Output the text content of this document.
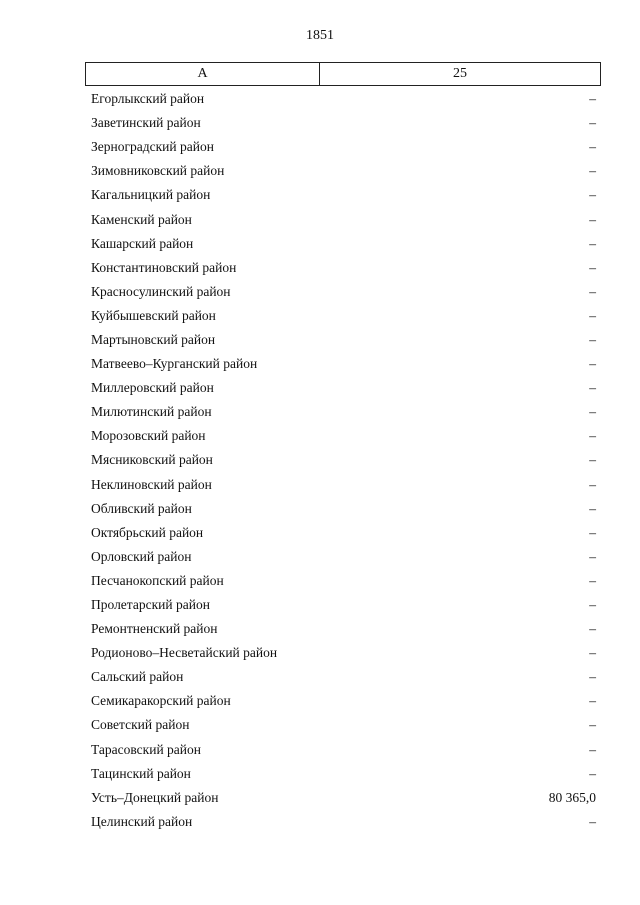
1851
А	25
Егорлыкский район	–
Заветинский район	–
Зерноградский район	–
Зимовниковский район	–
Кагальницкий район	–
Каменский район	–
Кашарский район	–
Константиновский район	–
Красносулинский район	–
Куйбышевский район	–
Мартыновский район	–
Матвеево–Курганский район	–
Миллеровский район	–
Милютинский район	–
Морозовский район	–
Мясниковский район	–
Неклиновский район	–
Обливский район	–
Октябрьский район	–
Орловский район	–
Песчанокопский район	–
Пролетарский район	–
Ремонтненский район	–
Родионово–Несветайский район	–
Сальский район	–
Семикаракорский район	–
Советский район	–
Тарасовский район	–
Тацинский район	–
Усть–Донецкий район	80 365,0
Целинский район	–
